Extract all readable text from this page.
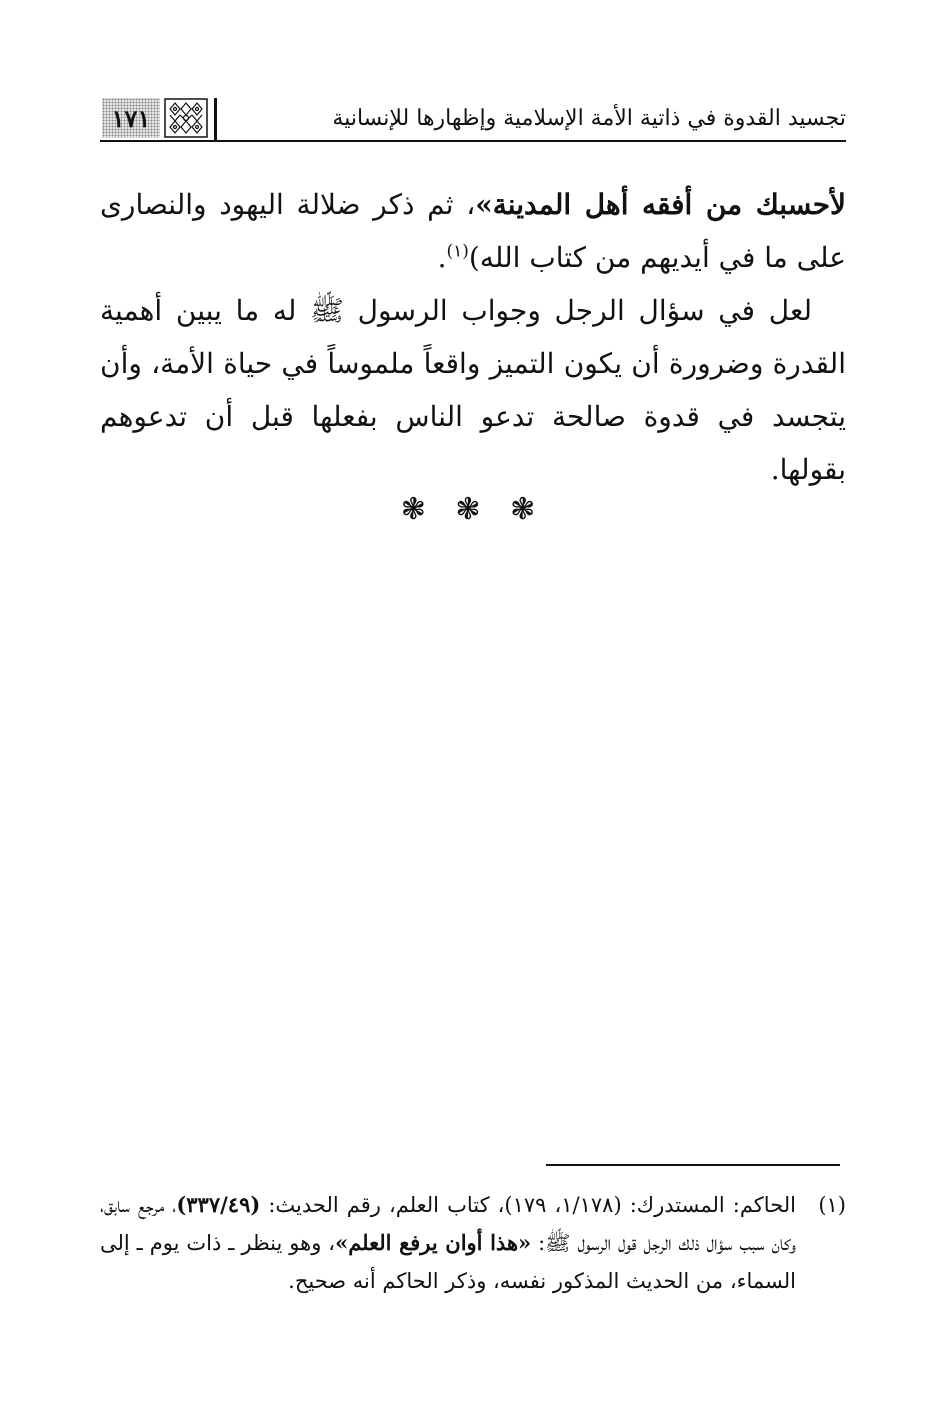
تجسيد القدوة في ذاتية الأمة الإسلامية وإظهارها للإنسانية
١٧١

لأحسبك من أفقه أهل المدينة»، ثم ذكر ضلالة اليهود والنصارى على ما في أيديهم من كتاب الله)$^{(١)}$.

لعل في سؤال الرجل وجواب الرسول ﷺ له ما يبين أهمية القدرة وضرورة أن يكون التميز واقعاً ملموساً في حياة الأمة، وأن يتجسد في قدوة صالحة تدعو الناس بفعلها قبل أن تدعوهم بقولها.

❃ ❃ ❃

(١)
الحاكم: المستدرك: (١/١٧٨، ١٧٩)، كتاب العلم، رقم الحديث: (٣٣٧/٤٩)، مرجع سابق، وكان سبب سؤال ذلك الرجل قول الرسول ﷺ: «هذا أوان يرفع العلم»، وهو ينظر ـ ذات يوم ـ إلى السماء، من الحديث المذكور نفسه، وذكر الحاكم أنه صحيح.
